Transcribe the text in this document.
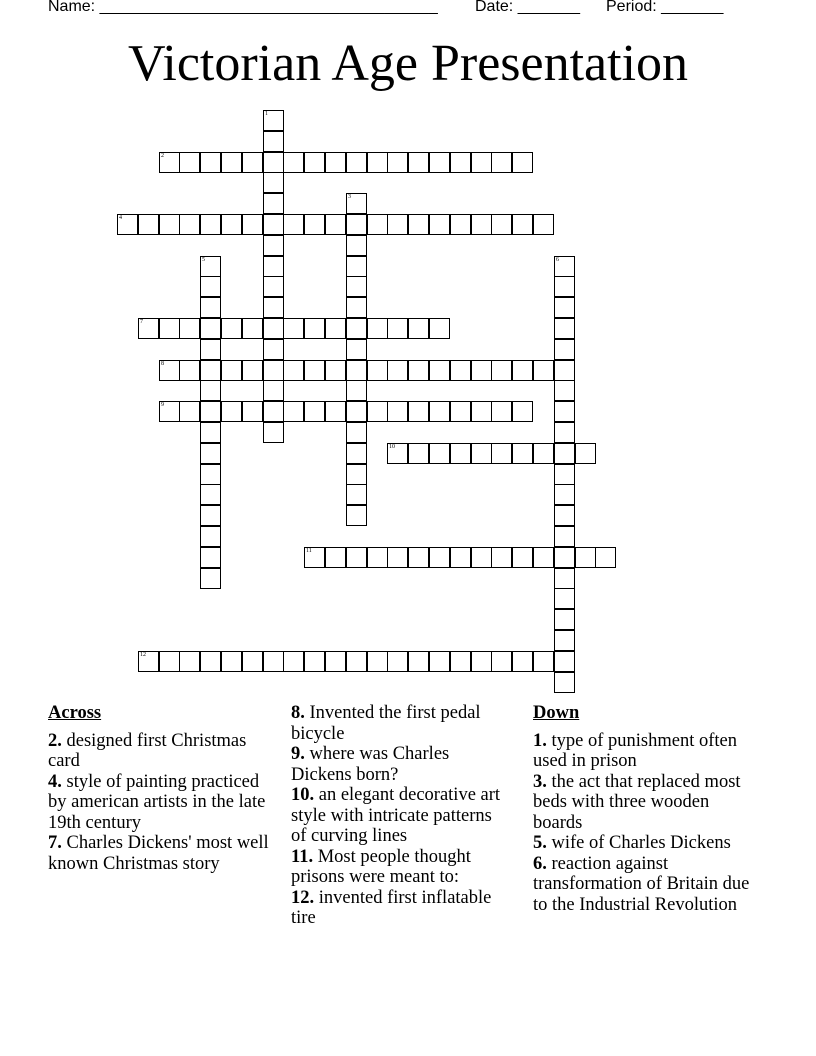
Name: ______________________________________ Date: _______ Period: _______
Victorian Age Presentation
1
2
3
4
5	6
7
8
9
10
11
12
Across
2. designed first Christmas card
4. style of painting practiced by american artists in the late 19th century
7. Charles Dickens' most well known Christmas story
8. Invented the first pedal bicycle
9. where was Charles Dickens born?
10. an elegant decorative art style with intricate patterns of curving lines
11. Most people thought prisons were meant to:
12. invented first inflatable tire
Down
1. type of punishment often used in prison
3. the act that replaced most beds with three wooden boards
5. wife of Charles Dickens
6. reaction against transformation of Britain due to the Industrial Revolution
